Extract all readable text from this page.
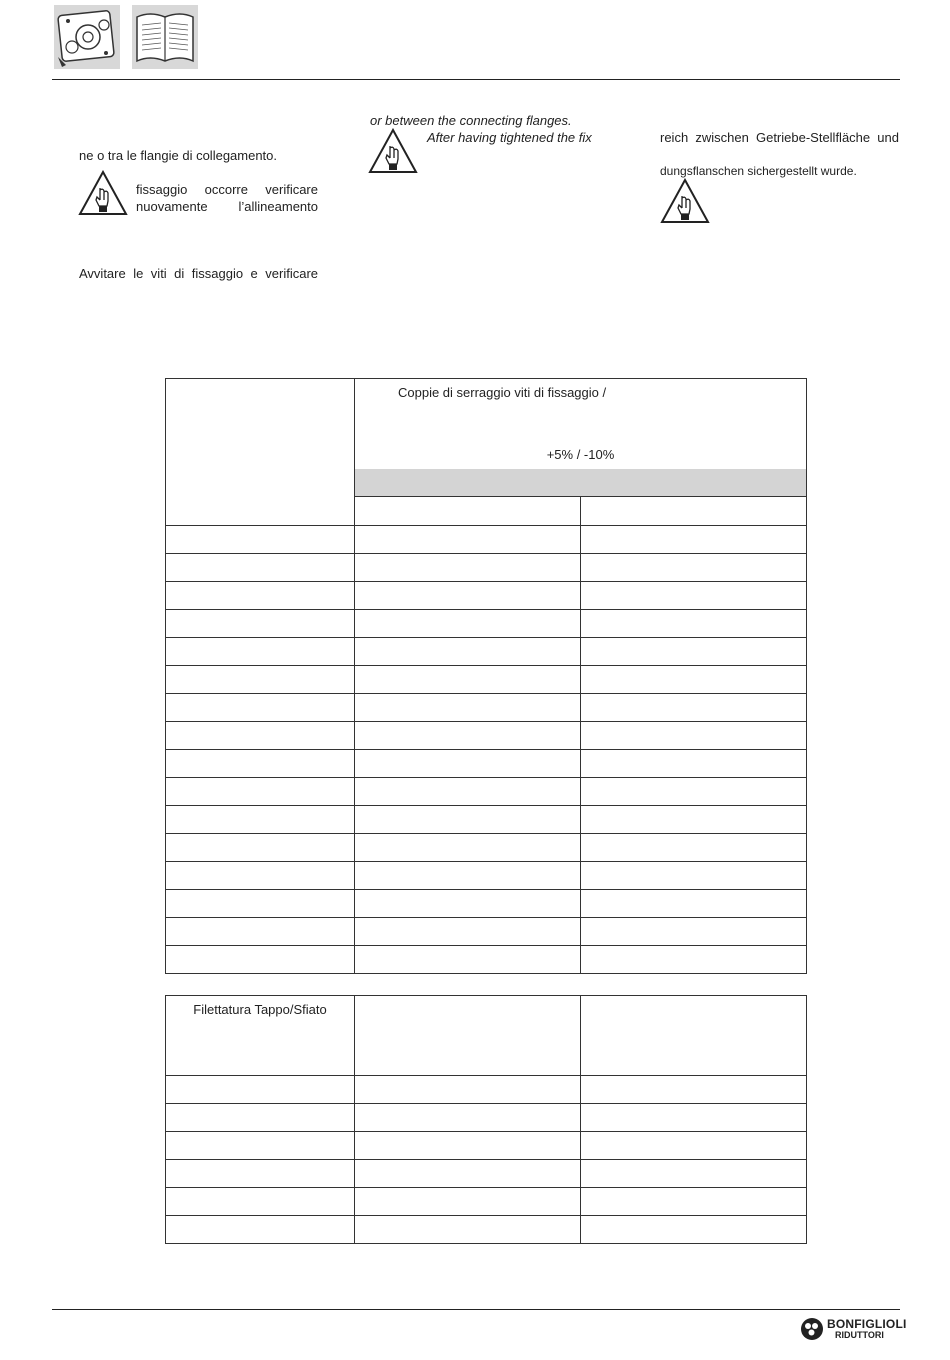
ne o tra le flangie di collegamento.
fissaggio occorre verificare
nuovamente l’allineamento
Avvitare le viti di fissaggio e verificare
or between the connecting flanges.
After having tightened the fix	reich zwischen Getriebe-Stellfläche und
dungsflanschen sichergestellt wurde.

	Coppie di serraggio viti di fissaggio /
+5% / -10%	

Filettatura Tappo/Sfiato		

BONFIGLIOLI
RIDUTTORI
